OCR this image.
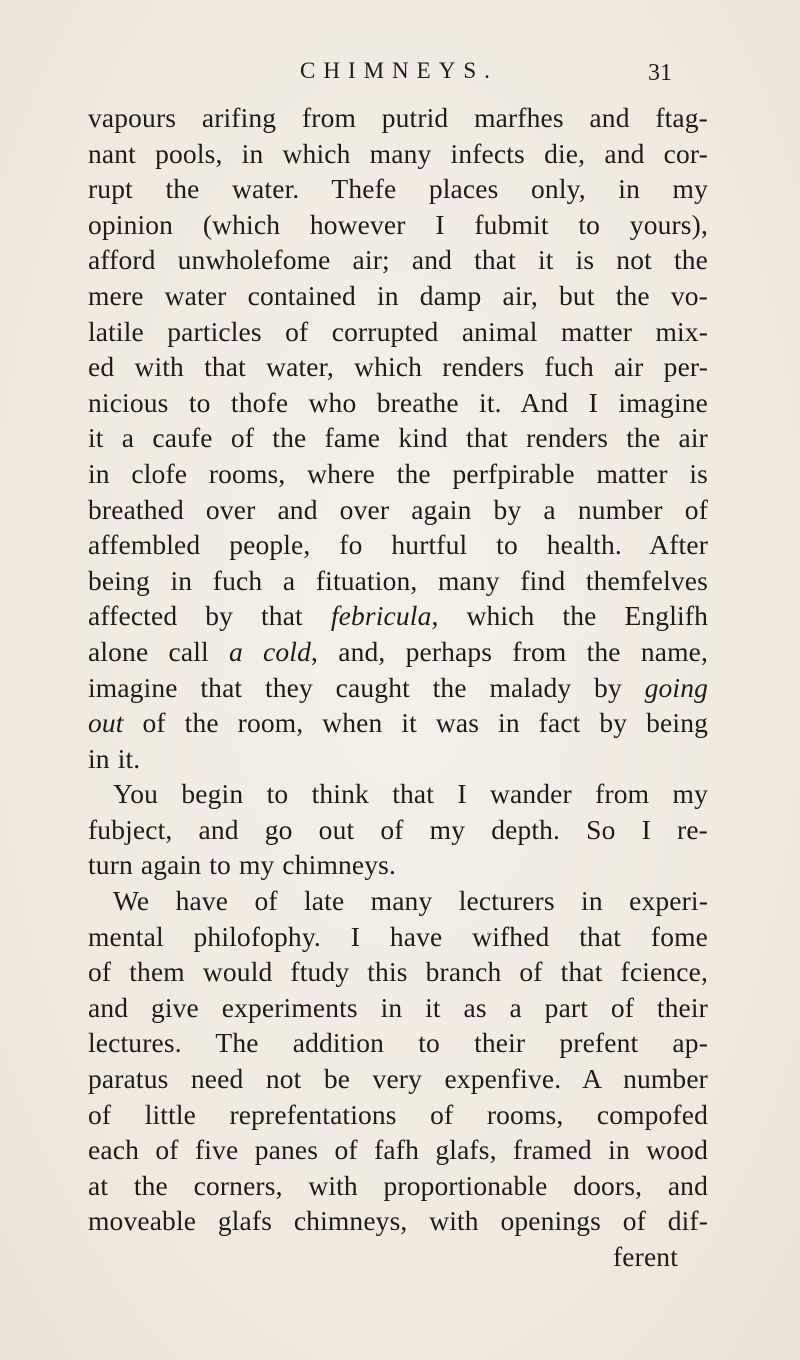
CHIMNEYS.	31
vapours arifing from putrid marfhes and ftag-
nant pools, in which many infects die, and cor-
rupt the water. Thefe places only, in my
opinion (which however I fubmit to yours),
afford unwholefome air; and that it is not the
mere water contained in damp air, but the vo-
latile particles of corrupted animal matter mix-
ed with that water, which renders fuch air per-
nicious to thofe who breathe it. And I imagine
it a caufe of the fame kind that renders the air
in clofe rooms, where the perfpirable matter is
breathed over and over again by a number of
affembled people, fo hurtful to health. After
being in fuch a fituation, many find themfelves
affected by that febricula, which the Englifh
alone call a cold, and, perhaps from the name,
imagine that they caught the malady by going
out of the room, when it was in fact by being
in it.
You begin to think that I wander from my
fubject, and go out of my depth. So I re-
turn again to my chimneys.
We have of late many lecturers in experi-
mental philofophy. I have wifhed that fome
of them would ftudy this branch of that fcience,
and give experiments in it as a part of their
lectures. The addition to their prefent ap-
paratus need not be very expenfive. A number
of little reprefentations of rooms, compofed
each of five panes of fafh glafs, framed in wood
at the corners, with proportionable doors, and
moveable glafs chimneys, with openings of dif-
ferent
